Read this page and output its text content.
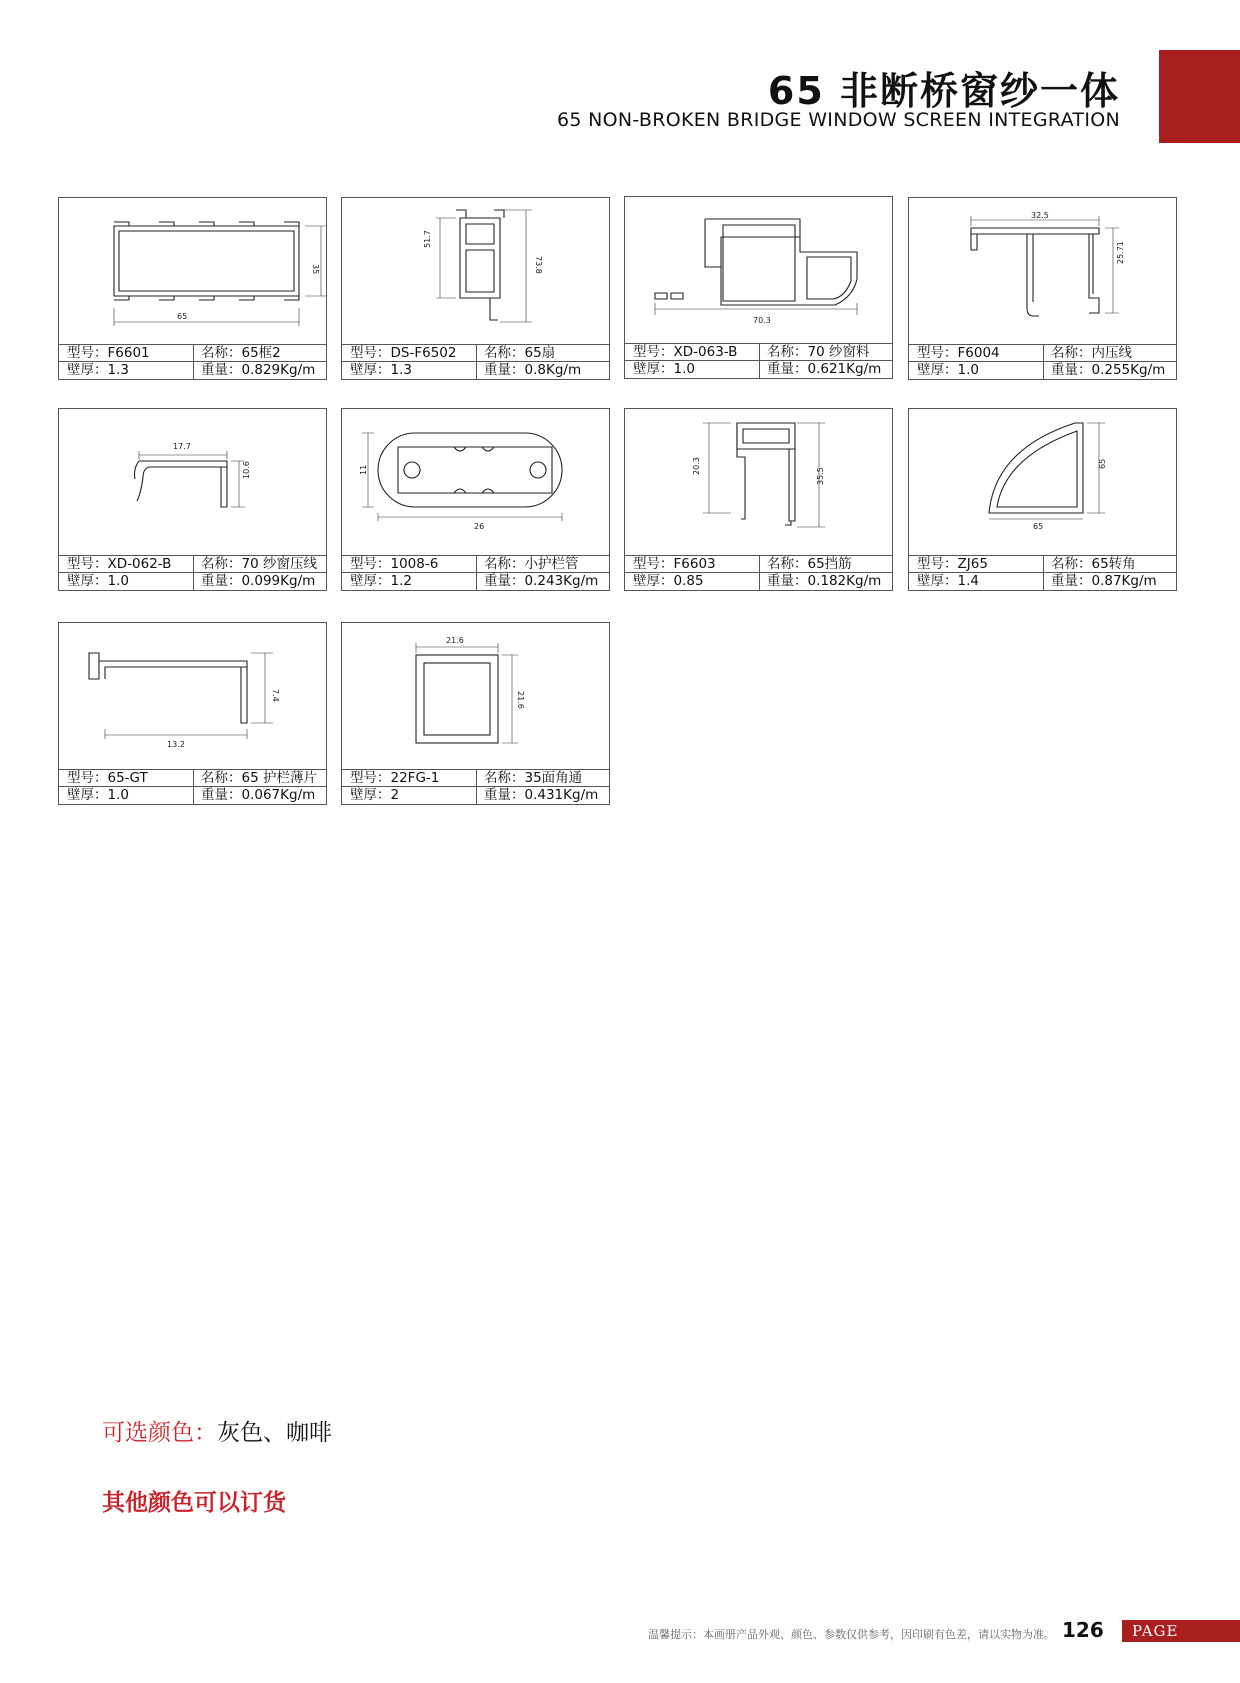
65 非断桥窗纱一体
65 NON-BROKEN BRIDGE WINDOW SCREEN INTEGRATION
65
35
型号：F6601	名称：65框2
壁厚：1.3	重量：0.829Kg/m
51.7
73.8
型号：DS-F6502	名称：65扇
壁厚：1.3	重量：0.8Kg/m
70.3
型号：XD-063-B	名称：70 纱窗料
壁厚：1.0	重量：0.621Kg/m
32.5
25.71
型号：F6004	名称：内压线
壁厚：1.0	重量：0.255Kg/m
17.7
10.6
型号：XD-062-B	名称：70 纱窗压线
壁厚：1.0	重量：0.099Kg/m
11
26
型号：1008-6	名称：小护栏管
壁厚：1.2	重量：0.243Kg/m
20.3
35.5
型号：F6603	名称：65挡筋
壁厚：0.85	重量：0.182Kg/m
65
65
型号：ZJ65	名称：65转角
壁厚：1.4	重量：0.87Kg/m
13.2
7.4
型号：65-GT	名称：65 护栏薄片
壁厚：1.0	重量：0.067Kg/m
21.6
21.6
型号：22FG-1	名称：35面角通
壁厚：2	重量：0.431Kg/m
可选颜色：灰色、咖啡
其他颜色可以订货
温馨提示：本画册产品外观、颜色、参数仅供参考，因印刷有色差，请以实物为准。 126	PAGE
